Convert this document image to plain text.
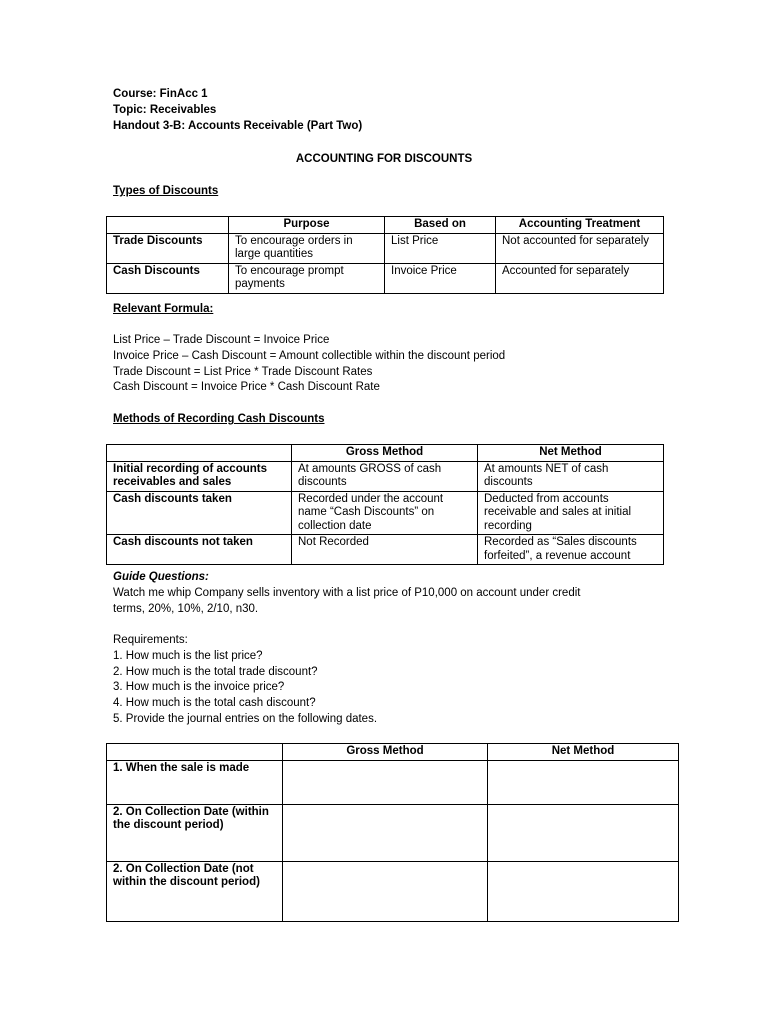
Course: FinAcc 1
Topic: Receivables
Handout 3-B: Accounts Receivable (Part Two)
ACCOUNTING FOR DISCOUNTS
Types of Discounts
	Purpose	Based on	Accounting Treatment
Trade Discounts	To encourage orders in large quantities	List Price	Not accounted for separately
Cash Discounts	To encourage prompt payments	Invoice Price	Accounted for separately
Relevant Formula:
List Price – Trade Discount = Invoice Price
Invoice Price – Cash Discount = Amount collectible within the discount period
Trade Discount = List Price * Trade Discount Rates
Cash Discount = Invoice Price * Cash Discount Rate
Methods of Recording Cash Discounts
	Gross Method	Net Method
Initial recording of accounts receivables and sales	At amounts GROSS of cash discounts	At amounts NET of cash discounts
Cash discounts taken	Recorded under the account name “Cash Discounts” on collection date	Deducted from accounts receivable and sales at initial recording
Cash discounts not taken	Not Recorded	Recorded as “Sales discounts forfeited”, a revenue account
Guide Questions:
Watch me whip Company sells inventory with a list price of P10,000 on account under credit
terms, 20%, 10%, 2/10, n30.
Requirements:
1. How much is the list price?
2. How much is the total trade discount?
3. How much is the invoice price?
4. How much is the total cash discount?
5. Provide the journal entries on the following dates.
	Gross Method	Net Method
1. When the sale is made		
2. On Collection Date (within the discount period)		
2. On Collection Date (not within the discount period)		
